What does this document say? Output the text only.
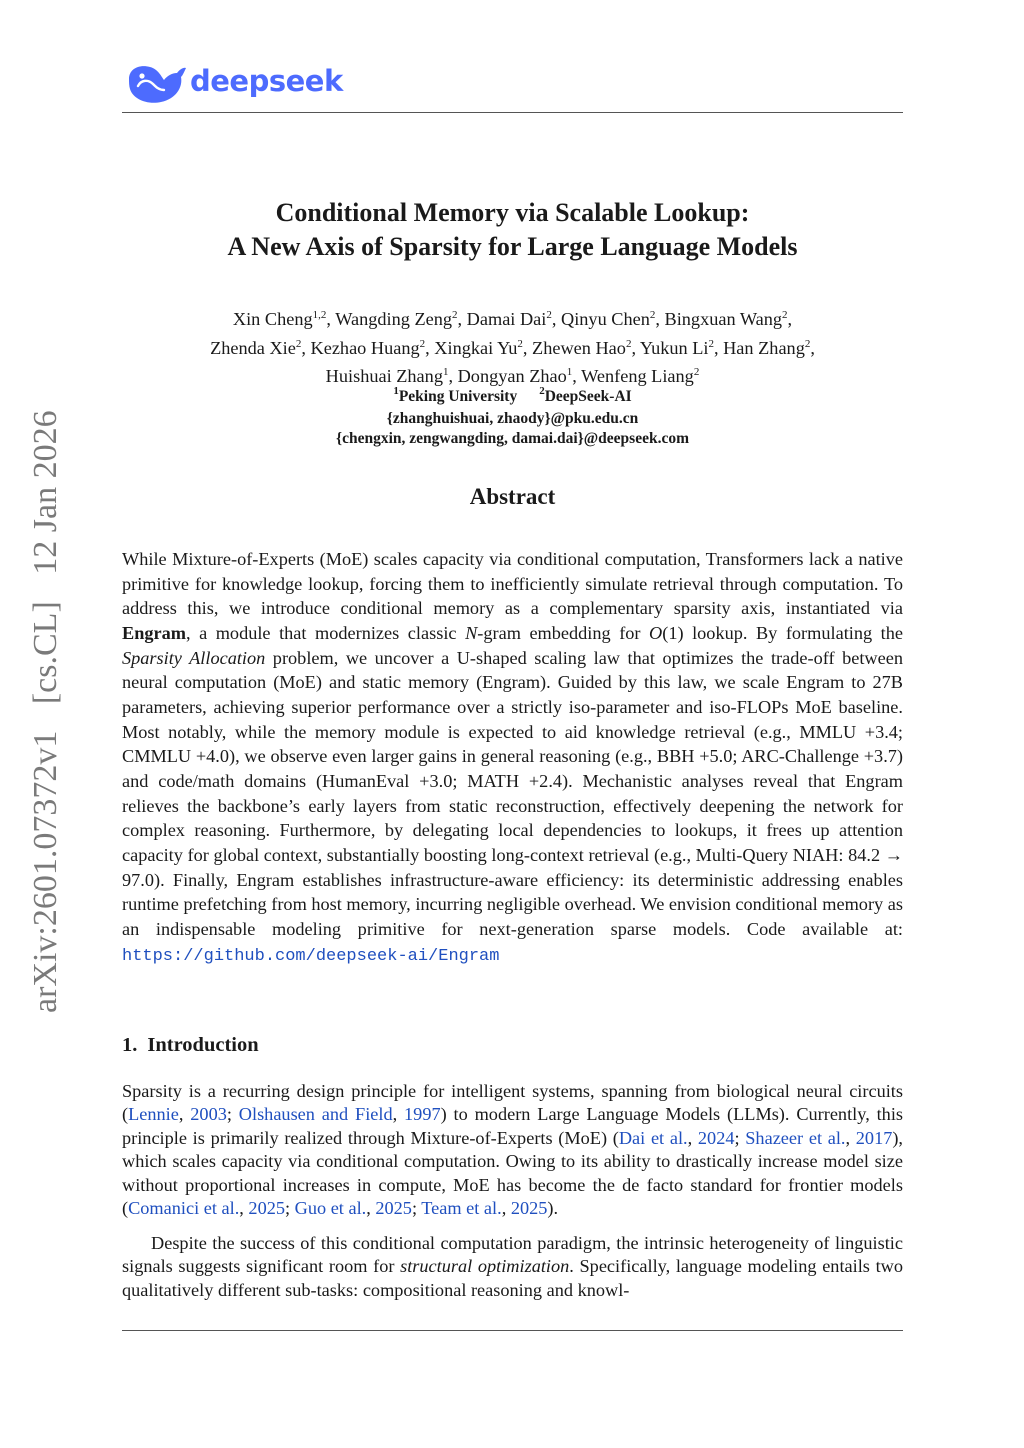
deepseek
arXiv:2601.07372v1 [cs.CL] 12 Jan 2026
Conditional Memory via Scalable Lookup:
A New Axis of Sparsity for Large Language Models
Xin Cheng$^{1,2}$, Wangding Zeng$^2$, Damai Dai$^2$, Qinyu Chen$^2$, Bingxuan Wang$^2$,
Zhenda Xie$^2$, Kezhao Huang$^2$, Xingkai Yu$^2$, Zhewen Hao$^2$, Yukun Li$^2$, Han Zhang$^2$,
Huishuai Zhang$^1$, Dongyan Zhao$^1$, Wenfeng Liang$^2$
$^1$Peking University $^2$DeepSeek-AI
{zhanghuishuai, zhaody}@pku.edu.cn
{chengxin, zengwangding, damai.dai}@deepseek.com
Abstract

While Mixture-of-Experts (MoE) scales capacity via conditional computation, Transformers lack a native primitive for knowledge lookup, forcing them to inefficiently simulate retrieval through computation. To address this, we introduce conditional memory as a complementary sparsity axis, instantiated via Engram, a module that modernizes classic N-gram embedding for O(1) lookup. By formulating the Sparsity Allocation problem, we uncover a U-shaped scaling law that optimizes the trade-off between neural computation (MoE) and static memory (Engram). Guided by this law, we scale Engram to 27B parameters, achieving superior performance over a strictly iso-parameter and iso-FLOPs MoE baseline. Most notably, while the memory module is expected to aid knowledge retrieval (e.g., MMLU +3.4; CMMLU +4.0), we observe even larger gains in general reasoning (e.g., BBH +5.0; ARC-Challenge +3.7) and code/math domains (HumanEval +3.0; MATH +2.4). Mechanistic analyses reveal that Engram relieves the backbone’s early layers from static reconstruction, effectively deepening the network for complex reasoning. Furthermore, by delegating local dependencies to lookups, it frees up attention capacity for global context, substantially boosting long-context retrieval (e.g., Multi-Query NIAH: 84.2 → 97.0). Finally, Engram establishes infrastructure-aware efficiency: its deterministic addressing enables runtime prefetching from host memory, incurring negligible overhead. We envision conditional memory as an indispensable modeling primitive for next-generation sparse models. Code available at: https://github.com/deepseek-ai/Engram

1. Introduction

Sparsity is a recurring design principle for intelligent systems, spanning from biological neural circuits (Lennie, 2003; Olshausen and Field, 1997) to modern Large Language Models (LLMs). Currently, this principle is primarily realized through Mixture-of-Experts (MoE) (Dai et al., 2024; Shazeer et al., 2017), which scales capacity via conditional computation. Owing to its ability to drastically increase model size without proportional increases in compute, MoE has become the de facto standard for frontier models (Comanici et al., 2025; Guo et al., 2025; Team et al., 2025).

Despite the success of this conditional computation paradigm, the intrinsic heterogeneity of linguistic signals suggests significant room for structural optimization. Specifically, language modeling entails two qualitatively different sub-tasks: compositional reasoning and knowl-
